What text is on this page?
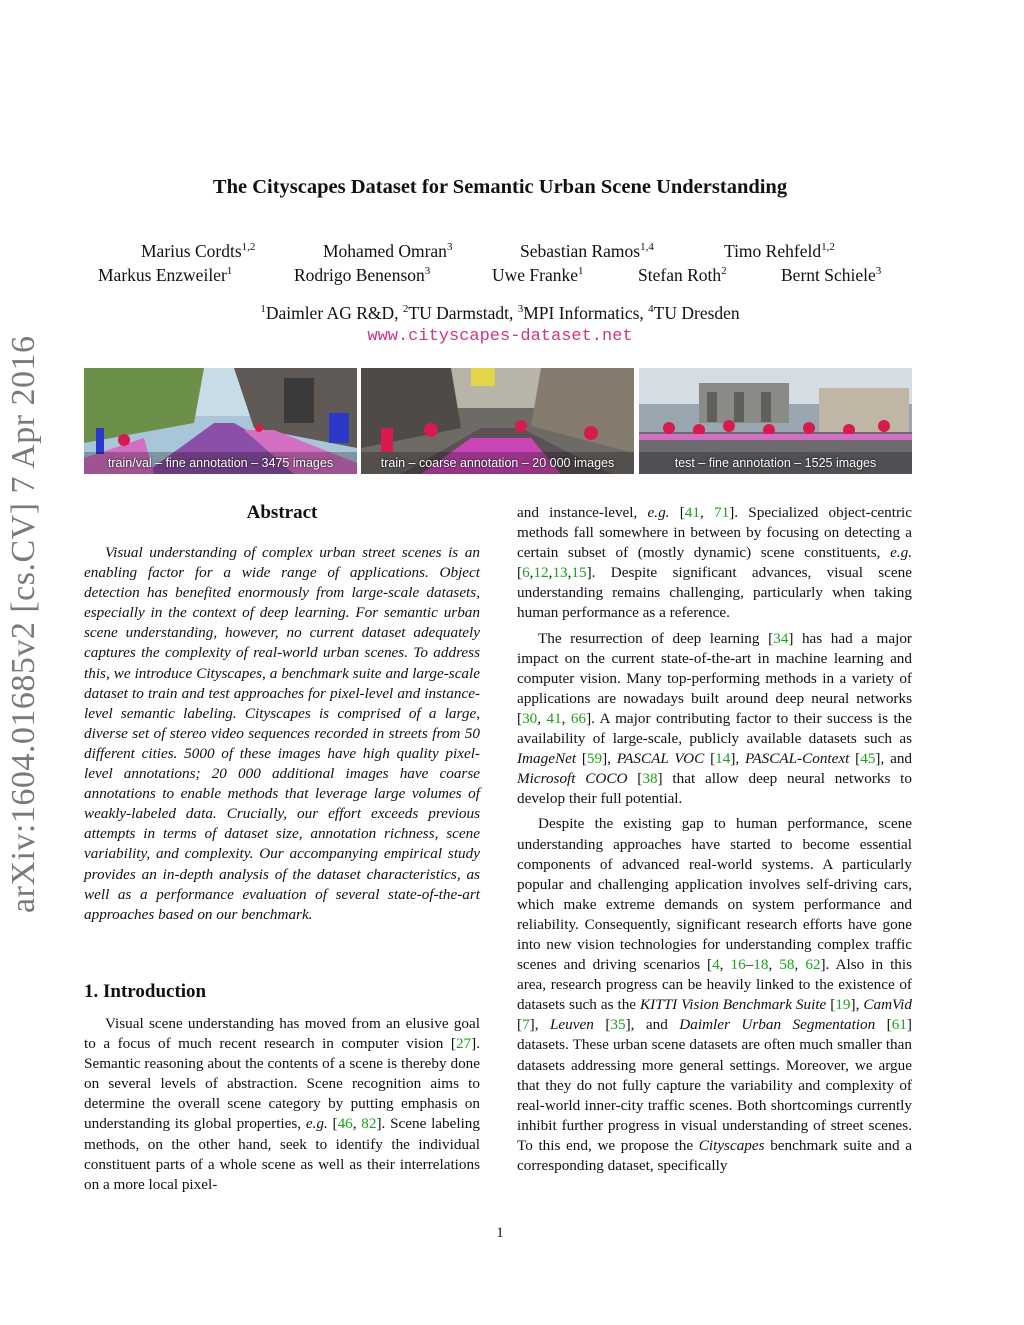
arXiv:1604.01685v2 [cs.CV] 7 Apr 2016
The Cityscapes Dataset for Semantic Urban Scene Understanding
Marius Cordts$^{1,2}$	Mohamed Omran$^3$	Sebastian Ramos$^{1,4}$	Timo Rehfeld$^{1,2}$
Markus Enzweiler$^1$	Rodrigo Benenson$^3$	Uwe Franke$^1$	Stefan Roth$^2$	Bernt Schiele$^3$
$^1$Daimler AG R&D, $^2$TU Darmstadt, $^3$MPI Informatics, $^4$TU Dresden
www.cityscapes-dataset.net
train/val – fine annotation – 3475 images	train – coarse annotation – 20 000 images	test – fine annotation – 1525 images
Abstract

Visual understanding of complex urban street scenes is an enabling factor for a wide range of applications. Object detection has benefited enormously from large-scale datasets, especially in the context of deep learning. For semantic urban scene understanding, however, no current dataset adequately captures the complexity of real-world urban scenes. To address this, we introduce Cityscapes, a benchmark suite and large-scale dataset to train and test approaches for pixel-level and instance-level semantic labeling. Cityscapes is comprised of a large, diverse set of stereo video sequences recorded in streets from 50 different cities. 5000 of these images have high quality pixel-level annotations; 20 000 additional images have coarse annotations to enable methods that leverage large volumes of weakly-labeled data. Crucially, our effort exceeds previous attempts in terms of dataset size, annotation richness, scene variability, and complexity. Our accompanying empirical study provides an in-depth analysis of the dataset characteristics, as well as a performance evaluation of several state-of-the-art approaches based on our benchmark.

1. Introduction

Visual scene understanding has moved from an elusive goal to a focus of much recent research in computer vision [27]. Semantic reasoning about the contents of a scene is thereby done on several levels of abstraction. Scene recognition aims to determine the overall scene category by putting emphasis on understanding its global properties, e.g. [46, 82]. Scene labeling methods, on the other hand, seek to identify the individual constituent parts of a whole scene as well as their interrelations on a more local pixel-

and instance-level, e.g. [41, 71]. Specialized object-centric methods fall somewhere in between by focusing on detecting a certain subset of (mostly dynamic) scene constituents, e.g. [6,12,13,15]. Despite significant advances, visual scene understanding remains challenging, particularly when taking human performance as a reference.

The resurrection of deep learning [34] has had a major impact on the current state-of-the-art in machine learning and computer vision. Many top-performing methods in a variety of applications are nowadays built around deep neural networks [30, 41, 66]. A major contributing factor to their success is the availability of large-scale, publicly available datasets such as ImageNet [59], PASCAL VOC [14], PASCAL-Context [45], and Microsoft COCO [38] that allow deep neural networks to develop their full potential.

Despite the existing gap to human performance, scene understanding approaches have started to become essential components of advanced real-world systems. A particularly popular and challenging application involves self-driving cars, which make extreme demands on system performance and reliability. Consequently, significant research efforts have gone into new vision technologies for understanding complex traffic scenes and driving scenarios [4, 16–18, 58, 62]. Also in this area, research progress can be heavily linked to the existence of datasets such as the KITTI Vision Benchmark Suite [19], CamVid [7], Leuven [35], and Daimler Urban Segmentation [61] datasets. These urban scene datasets are often much smaller than datasets addressing more general settings. Moreover, we argue that they do not fully capture the variability and complexity of real-world inner-city traffic scenes. Both shortcomings currently inhibit further progress in visual understanding of street scenes. To this end, we propose the Cityscapes benchmark suite and a corresponding dataset, specifically

1
